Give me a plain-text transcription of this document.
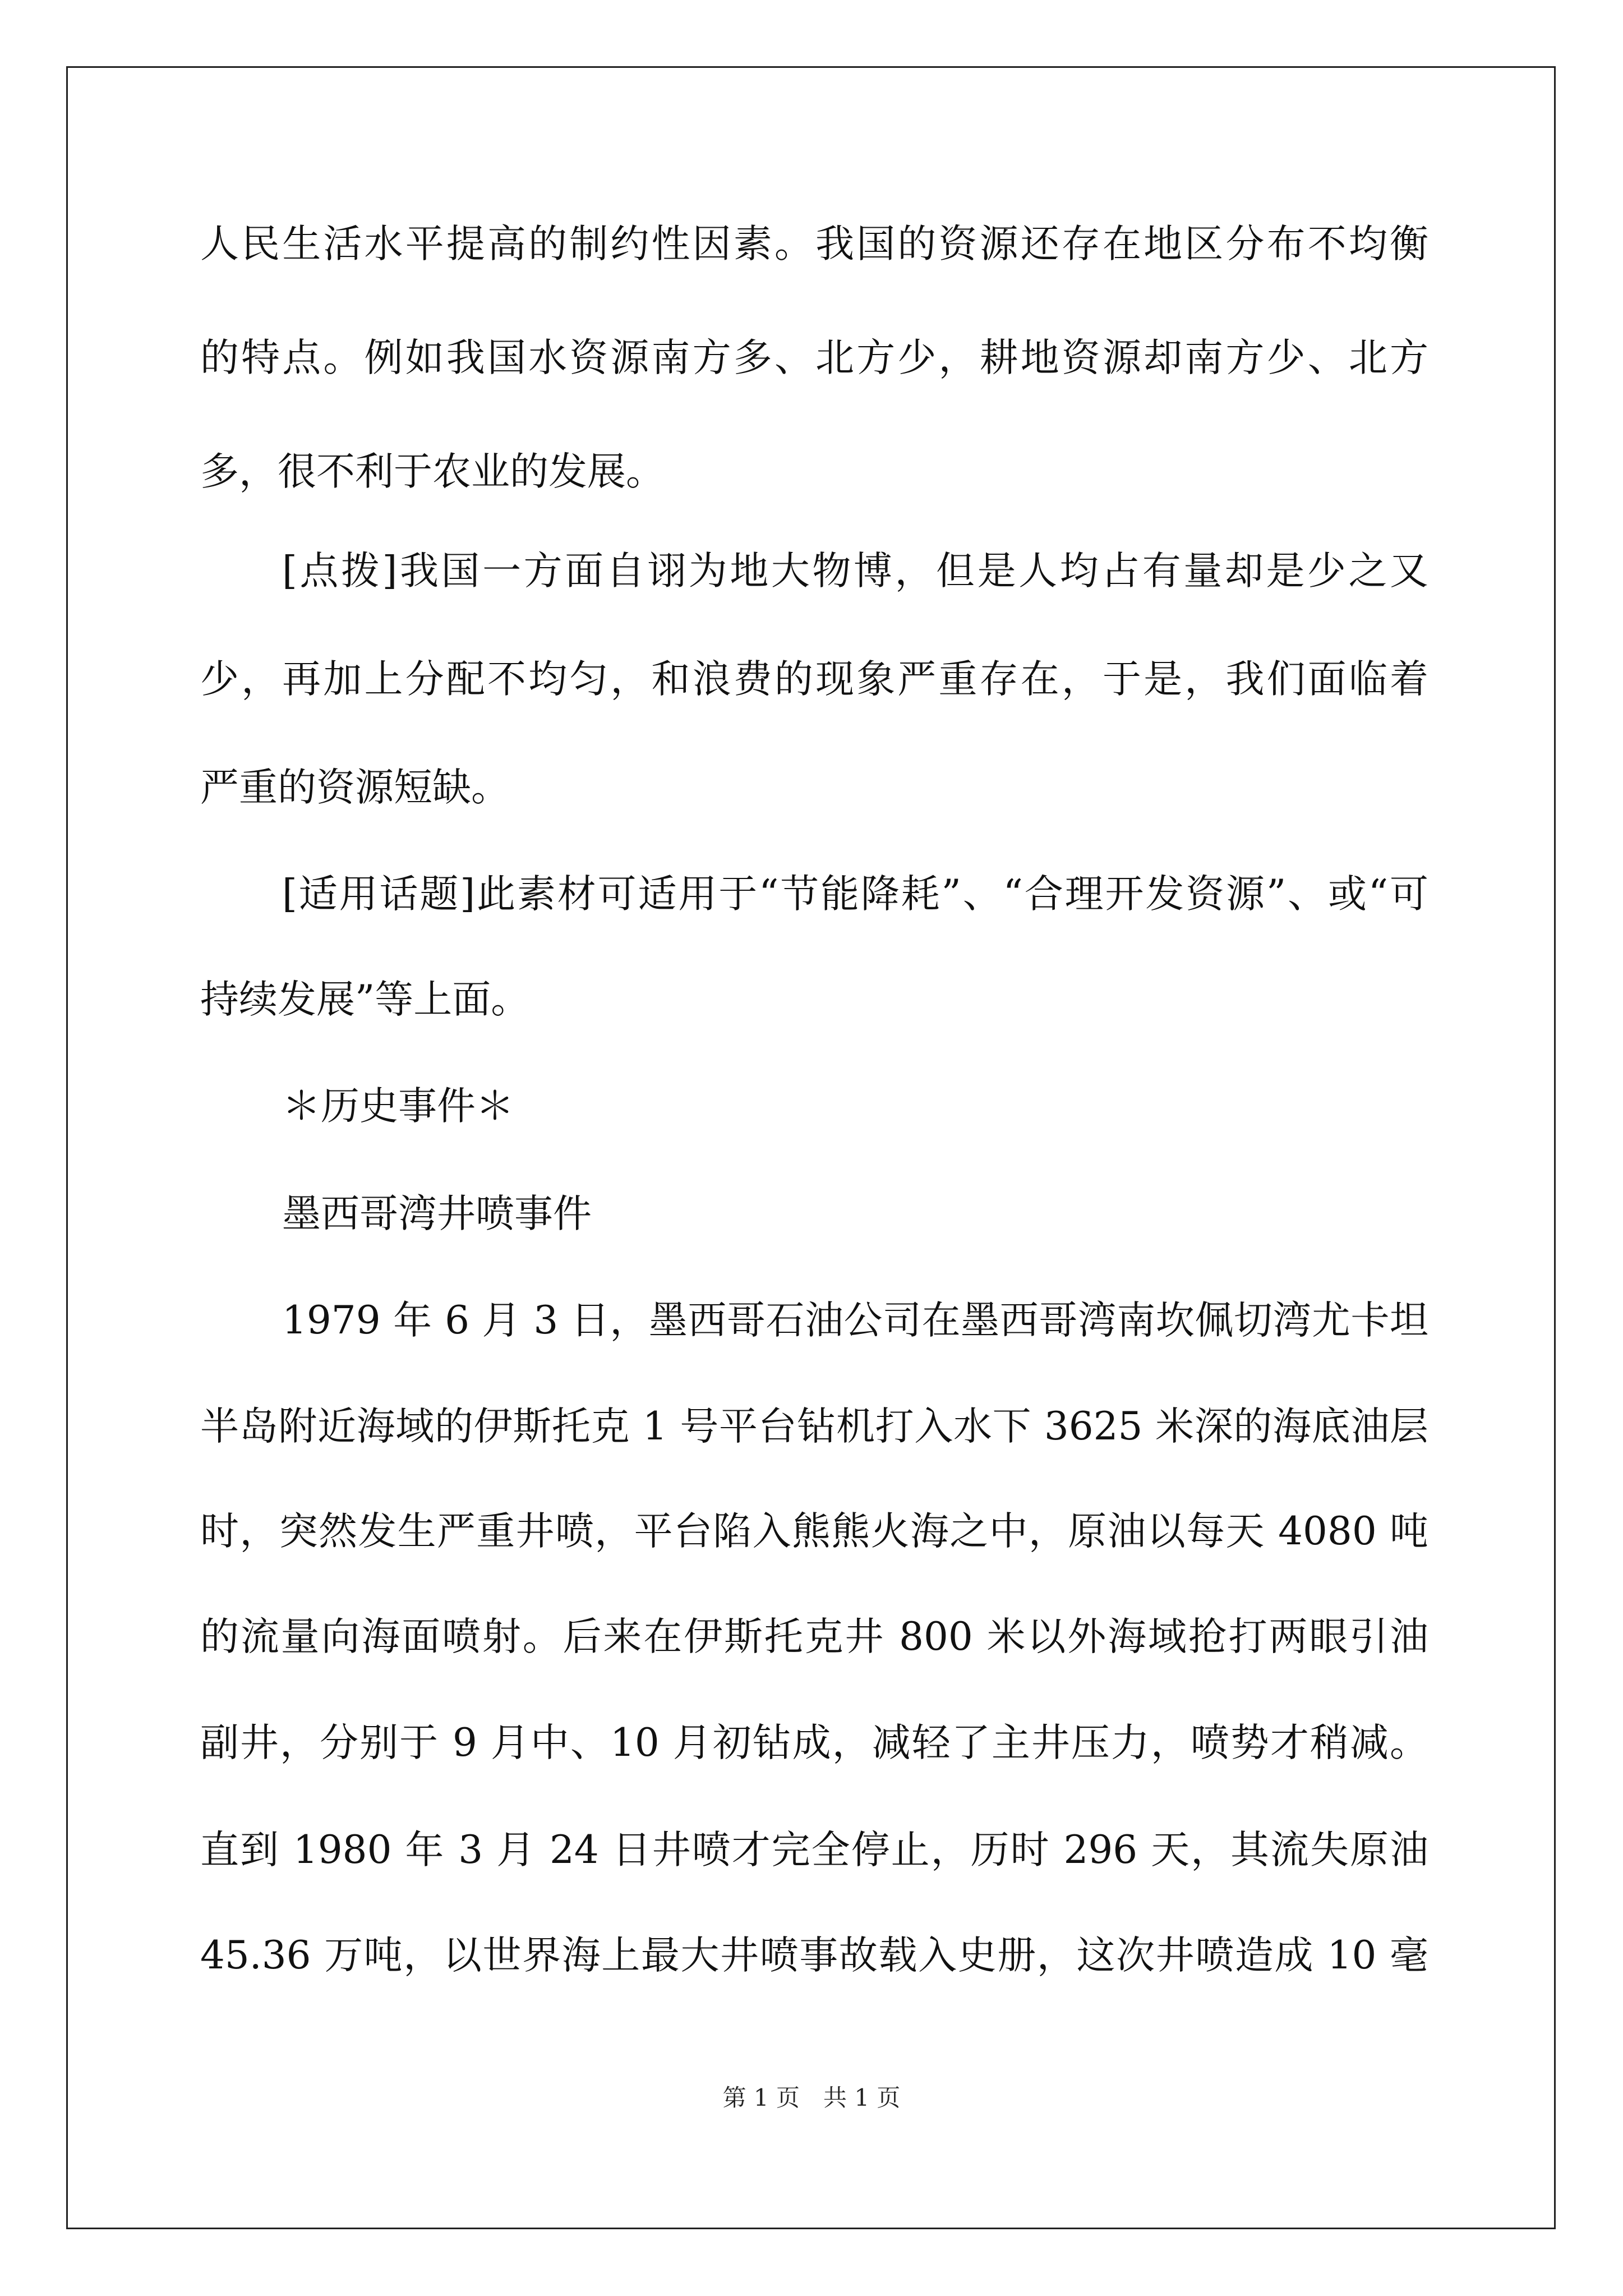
人民生活水平提高的制约性因素。我国的资源还存在地区分布不均衡
的特点。例如我国水资源南方多、北方少，耕地资源却南方少、北方
多，很不利于农业的发展。
[点拨]我国一方面自诩为地大物博，但是人均占有量却是少之又
少，再加上分配不均匀，和浪费的现象严重存在，于是，我们面临着
严重的资源短缺。
[适用话题]此素材可适用于“节能降耗”、“合理开发资源”、或“可
持续发展”等上面。
＊历史事件＊
墨西哥湾井喷事件
1979 年 6 月 3 日，墨西哥石油公司在墨西哥湾南坎佩切湾尤卡坦
半岛附近海域的伊斯托克 1 号平台钻机打入水下 3625 米深的海底油层
时，突然发生严重井喷，平台陷入熊熊火海之中，原油以每天 4080 吨
的流量向海面喷射。后来在伊斯托克井 800 米以外海域抢打两眼引油
副井，分别于 9 月中、10 月初钻成，减轻了主井压力，喷势才稍减。
直到 1980 年 3 月 24 日井喷才完全停止，历时 296 天，其流失原油
45.36 万吨，以世界海上最大井喷事故载入史册，这次井喷造成 10 毫
第 1 页　共 1 页
